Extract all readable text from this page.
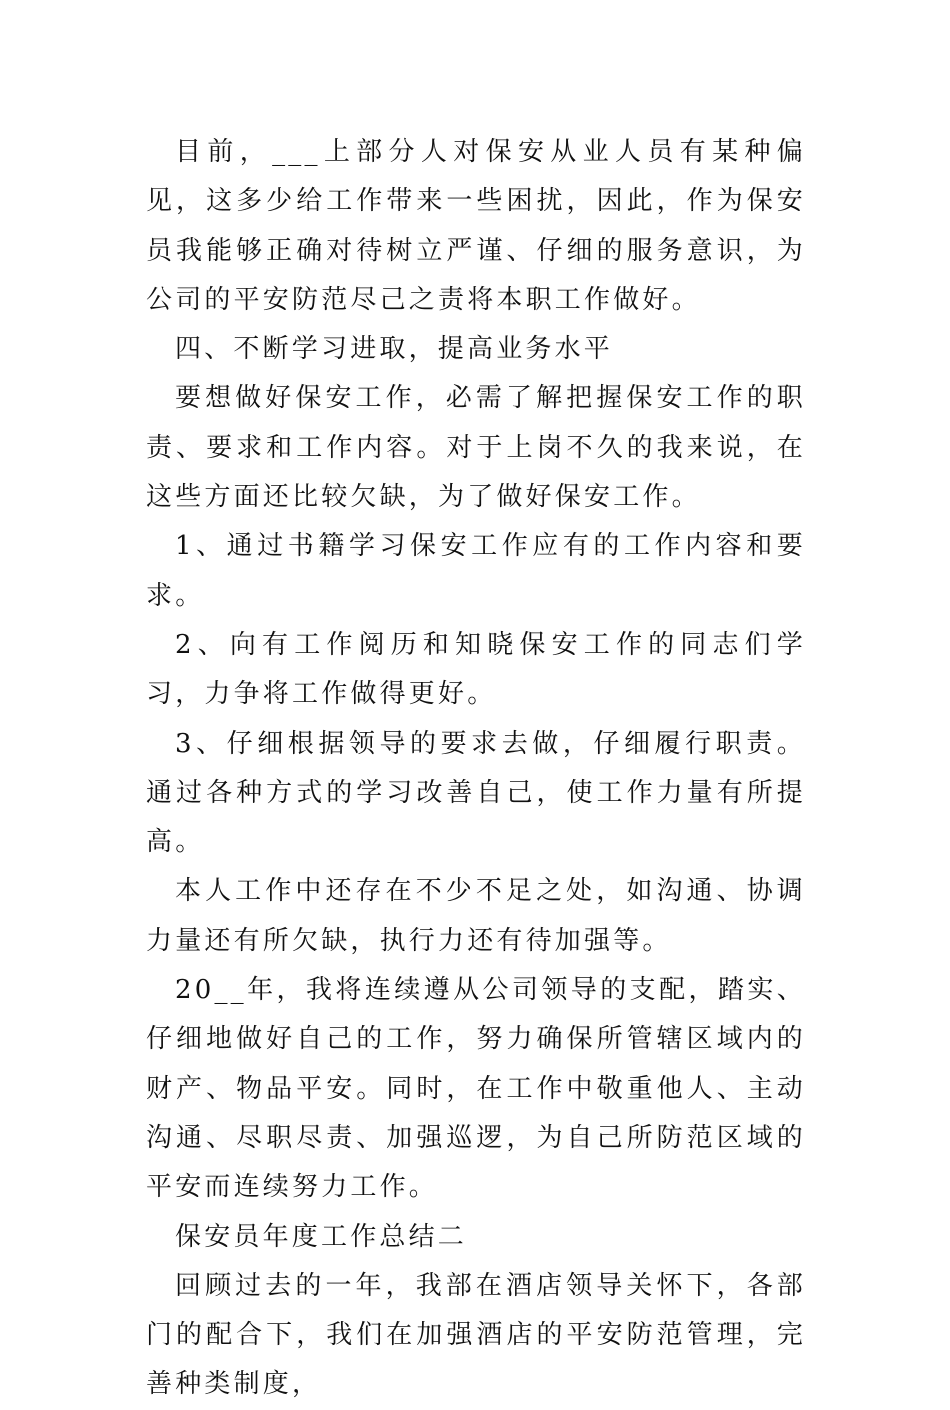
目前，___上部分人对保安从业人员有某种偏见，这多少给工作带来一些困扰，因此，作为保安员我能够正确对待树立严谨、仔细的服务意识，为公司的平安防范尽己之责将本职工作做好。

四、不断学习进取，提高业务水平

要想做好保安工作，必需了解把握保安工作的职责、要求和工作内容。对于上岗不久的我来说，在这些方面还比较欠缺，为了做好保安工作。

1、通过书籍学习保安工作应有的工作内容和要求。

2、向有工作阅历和知晓保安工作的同志们学习，力争将工作做得更好。

3、仔细根据领导的要求去做，仔细履行职责。通过各种方式的学习改善自己，使工作力量有所提高。

本人工作中还存在不少不足之处，如沟通、协调力量还有所欠缺，执行力还有待加强等。

20__年，我将连续遵从公司领导的支配，踏实、仔细地做好自己的工作，努力确保所管辖区域内的财产、物品平安。同时，在工作中敬重他人、主动沟通、尽职尽责、加强巡逻，为自己所防范区域的平安而连续努力工作。

保安员年度工作总结二

回顾过去的一年，我部在酒店领导关怀下，各部门的配合下，我们在加强酒店的平安防范管理，完善种类制度，
